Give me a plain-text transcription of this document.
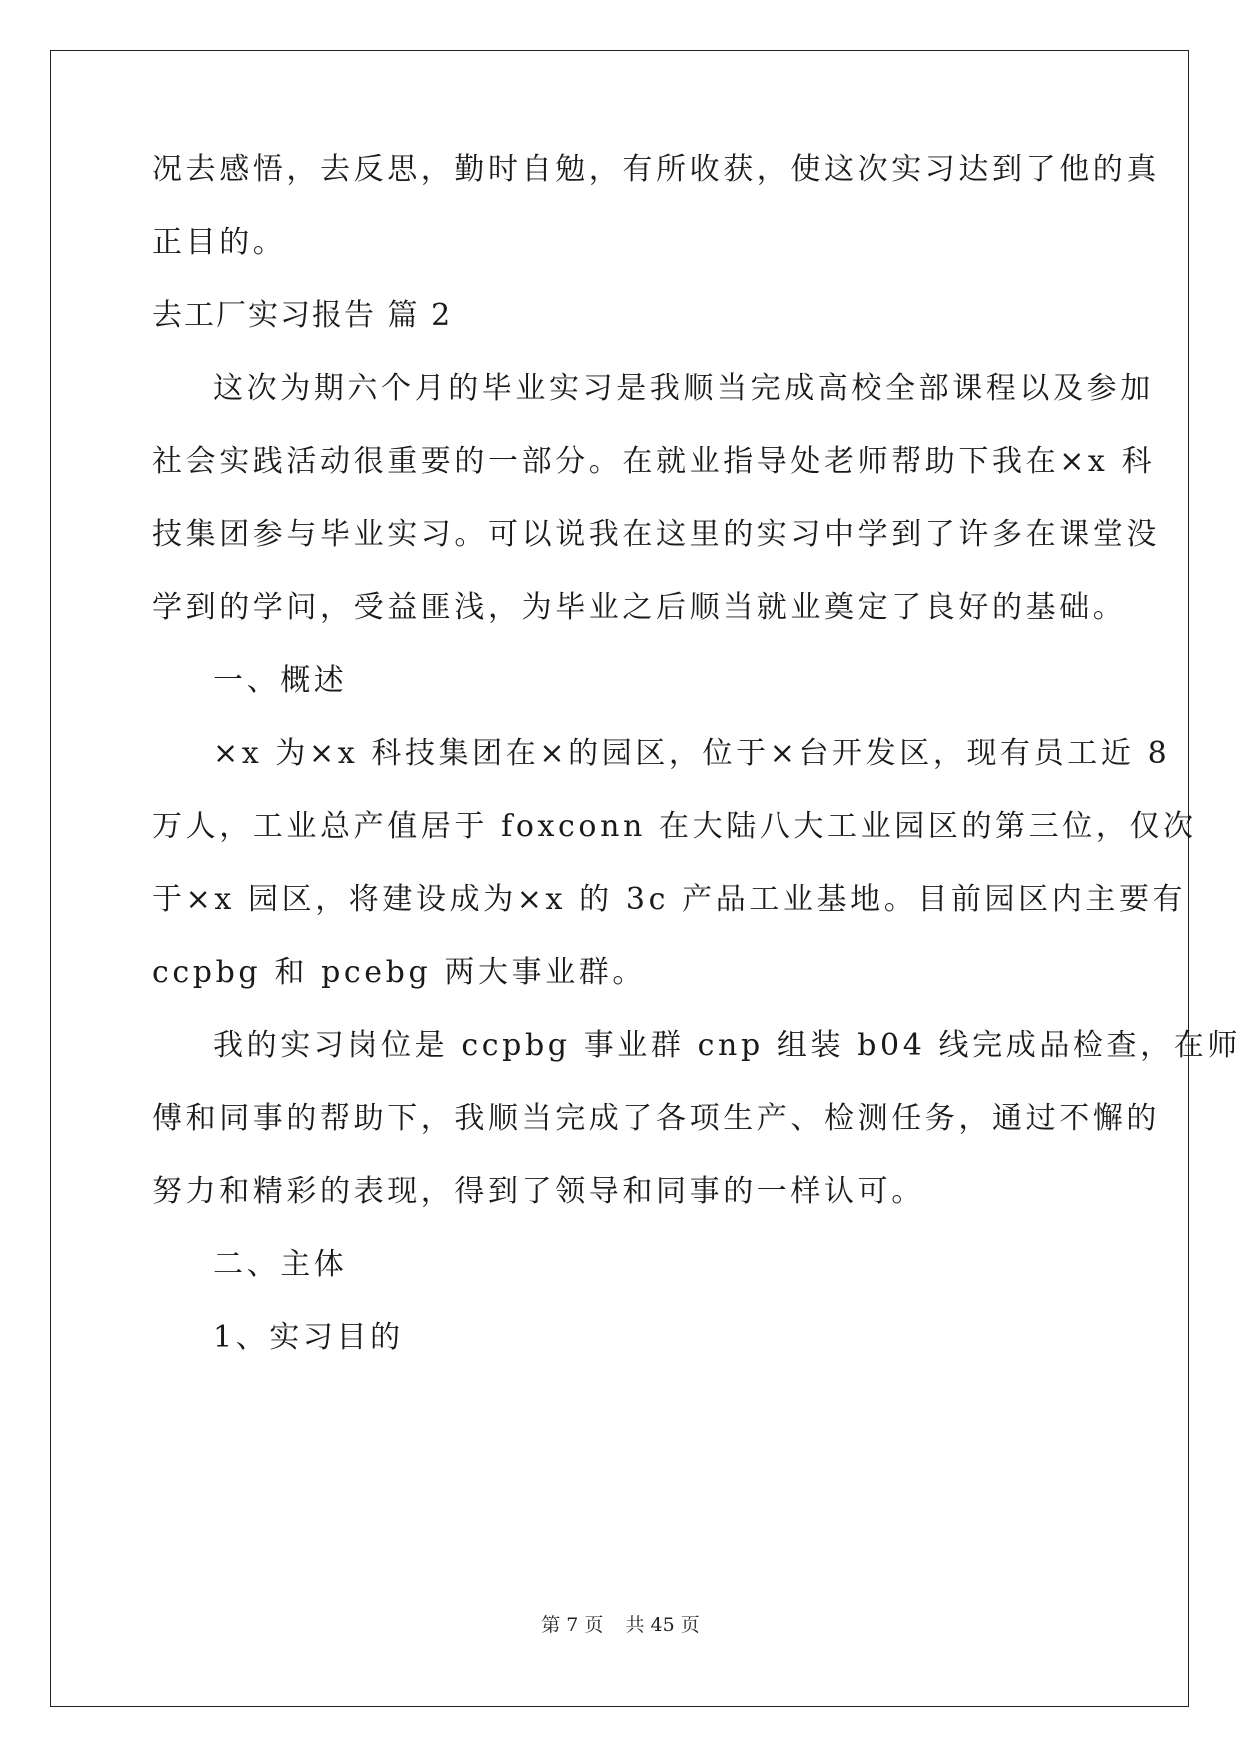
况去感悟，去反思，勤时自勉，有所收获，使这次实习达到了他的真
正目的。
去工厂实习报告 篇 2
这次为期六个月的毕业实习是我顺当完成高校全部课程以及参加
社会实践活动很重要的一部分。在就业指导处老师帮助下我在×x 科
技集团参与毕业实习。可以说我在这里的实习中学到了许多在课堂没
学到的学问，受益匪浅，为毕业之后顺当就业奠定了良好的基础。
一、概述
×x 为×x 科技集团在×的园区，位于×台开发区，现有员工近 8
万人，工业总产值居于 foxconn 在大陆八大工业园区的第三位，仅次
于×x 园区，将建设成为×x 的 3c 产品工业基地。目前园区内主要有
ccpbg 和 pcebg 两大事业群。
我的实习岗位是 ccpbg 事业群 cnp 组装 b04 线完成品检查，在师
傅和同事的帮助下，我顺当完成了各项生产、检测任务，通过不懈的
努力和精彩的表现，得到了领导和同事的一样认可。
二、主体
1、实习目的
第 7 页 共 45 页
